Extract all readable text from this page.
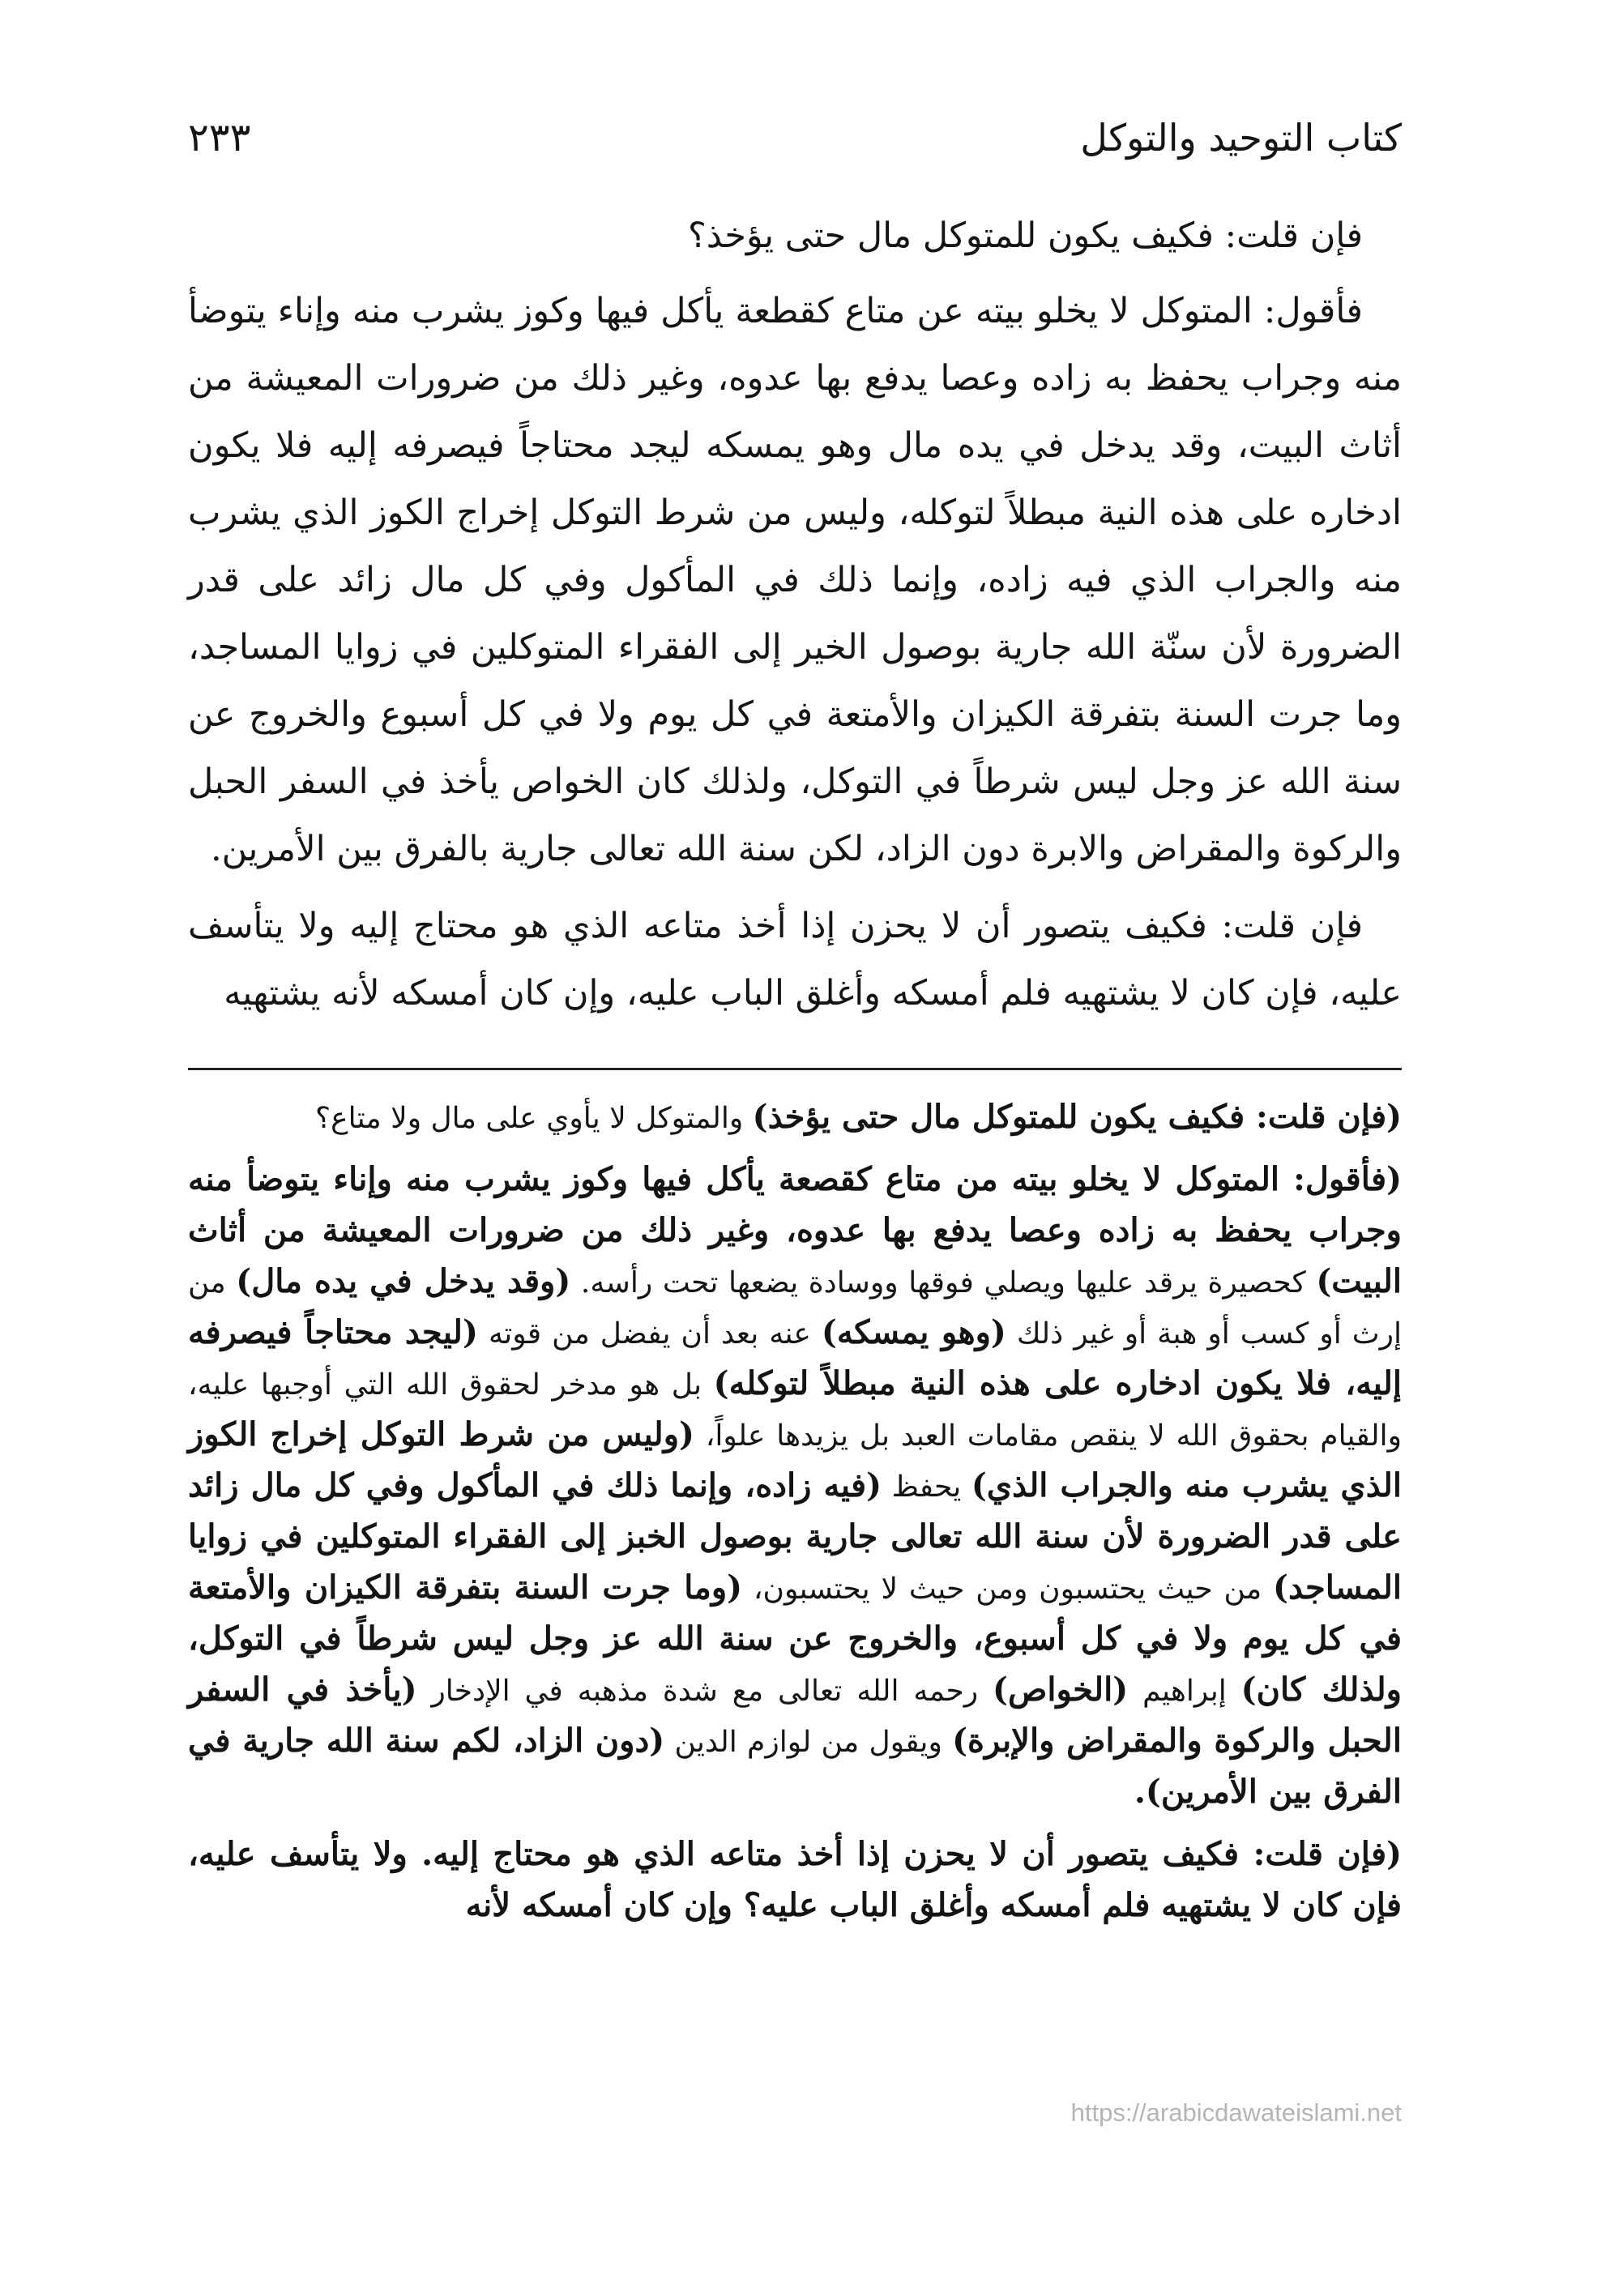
٢٣٣	كتاب التوحيد والتوكل

فإن قلت: فكيف يكون للمتوكل مال حتى يؤخذ؟

فأقول: المتوكل لا يخلو بيته عن متاع كقطعة يأكل فيها وكوز يشرب منه وإناء يتوضأ منه وجراب يحفظ به زاده وعصا يدفع بها عدوه، وغير ذلك من ضرورات المعيشة من أثاث البيت، وقد يدخل في يده مال وهو يمسكه ليجد محتاجاً فيصرفه إليه فلا يكون ادخاره على هذه النية مبطلاً لتوكله، وليس من شرط التوكل إخراج الكوز الذي يشرب منه والجراب الذي فيه زاده، وإنما ذلك في المأكول وفي كل مال زائد على قدر الضرورة لأن سنّة الله جارية بوصول الخير إلى الفقراء المتوكلين في زوايا المساجد، وما جرت السنة بتفرقة الكيزان والأمتعة في كل يوم ولا في كل أسبوع والخروج عن سنة الله عز وجل ليس شرطاً في التوكل، ولذلك كان الخواص يأخذ في السفر الحبل والركوة والمقراض والابرة دون الزاد، لكن سنة الله تعالى جارية بالفرق بين الأمرين.

فإن قلت: فكيف يتصور أن لا يحزن إذا أخذ متاعه الذي هو محتاج إليه ولا يتأسف عليه، فإن كان لا يشتهيه فلم أمسكه وأغلق الباب عليه، وإن كان أمسكه لأنه يشتهيه

(فإن قلت: فكيف يكون للمتوكل مال حتى يؤخذ) والمتوكل لا يأوي على مال ولا متاع؟

(فأقول: المتوكل لا يخلو بيته من متاع كقصعة يأكل فيها وكوز يشرب منه وإناء يتوضأ منه وجراب يحفظ به زاده وعصا يدفع بها عدوه، وغير ذلك من ضرورات المعيشة من أثاث البيت) كحصيرة يرقد عليها ويصلي فوقها ووسادة يضعها تحت رأسه. (وقد يدخل في يده مال) من إرث أو كسب أو هبة أو غير ذلك (وهو يمسكه) عنه بعد أن يفضل من قوته (ليجد محتاجاً فيصرفه إليه، فلا يكون ادخاره على هذه النية مبطلاً لتوكله) بل هو مدخر لحقوق الله التي أوجبها عليه، والقيام بحقوق الله لا ينقص مقامات العبد بل يزيدها علواً، (وليس من شرط التوكل إخراج الكوز الذي يشرب منه والجراب الذي) يحفظ (فيه زاده، وإنما ذلك في المأكول وفي كل مال زائد على قدر الضرورة لأن سنة الله تعالى جارية بوصول الخبز إلى الفقراء المتوكلين في زوايا المساجد) من حيث يحتسبون ومن حيث لا يحتسبون، (وما جرت السنة بتفرقة الكيزان والأمتعة في كل يوم ولا في كل أسبوع، والخروج عن سنة الله عز وجل ليس شرطاً في التوكل، ولذلك كان) إبراهيم (الخواص) رحمه الله تعالى مع شدة مذهبه في الإدخار (يأخذ في السفر الحبل والركوة والمقراض والإبرة) ويقول من لوازم الدين (دون الزاد، لكم سنة الله جارية في الفرق بين الأمرين).

(فإن قلت: فكيف يتصور أن لا يحزن إذا أخذ متاعه الذي هو محتاج إليه. ولا يتأسف عليه، فإن كان لا يشتهيه فلم أمسكه وأغلق الباب عليه؟ وإن كان أمسكه لأنه

https://arabicdawateislami.net
